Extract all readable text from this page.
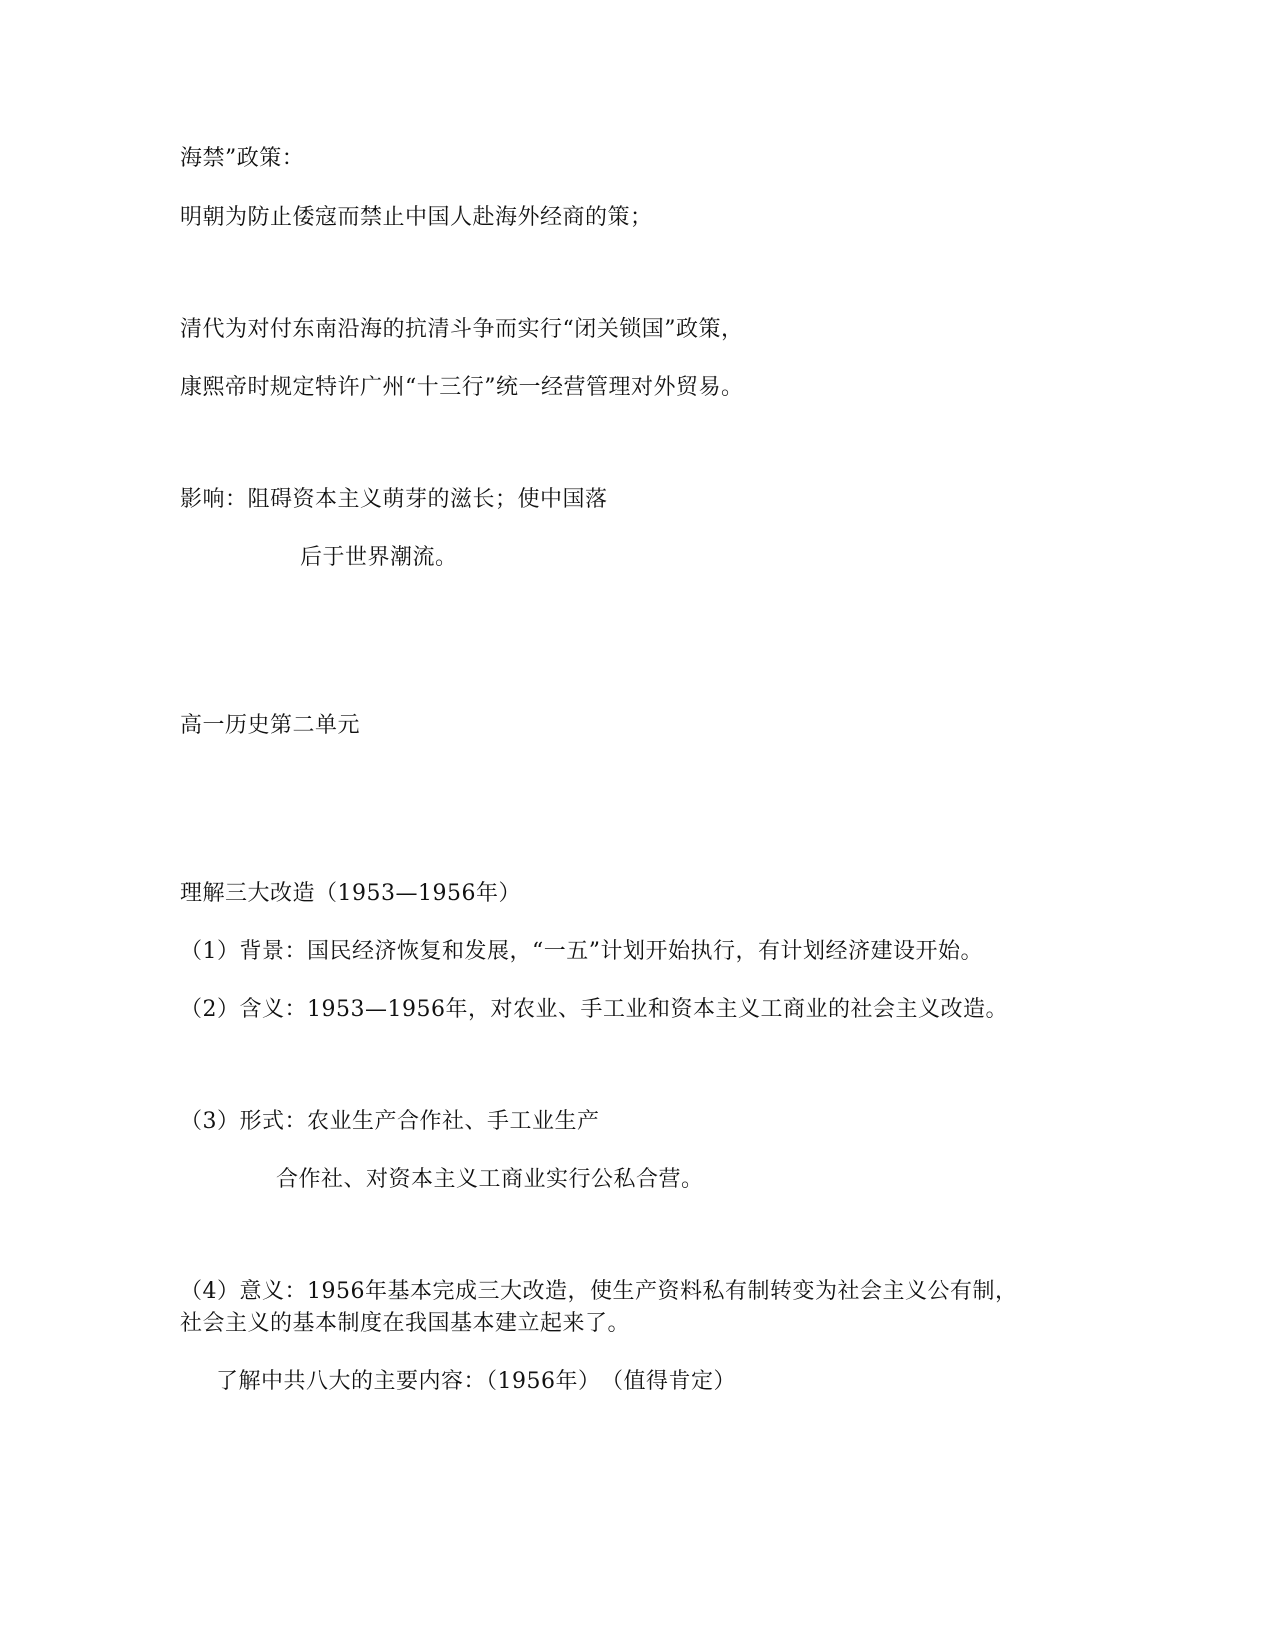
海禁”政策：
明朝为防止倭寇而禁止中国人赴海外经商的策；
清代为对付东南沿海的抗清斗争而实行“闭关锁国”政策，
康熙帝时规定特许广州“十三行”统一经营管理对外贸易。
影响：阻碍资本主义萌芽的滋长；使中国落
后于世界潮流。
高一历史第二单元
理解三大改造（1953—1956年）
（1）背景：国民经济恢复和发展，“一五”计划开始执行，有计划经济建设开始。
（2）含义：1953—1956年，对农业、手工业和资本主义工商业的社会主义改造。
（3）形式：农业生产合作社、手工业生产
合作社、对资本主义工商业实行公私合营。
（4）意义：1956年基本完成三大改造，使生产资料私有制转变为社会主义公有制，
社会主义的基本制度在我国基本建立起来了。
了解中共八大的主要内容：（1956年）　（值得肯定）
